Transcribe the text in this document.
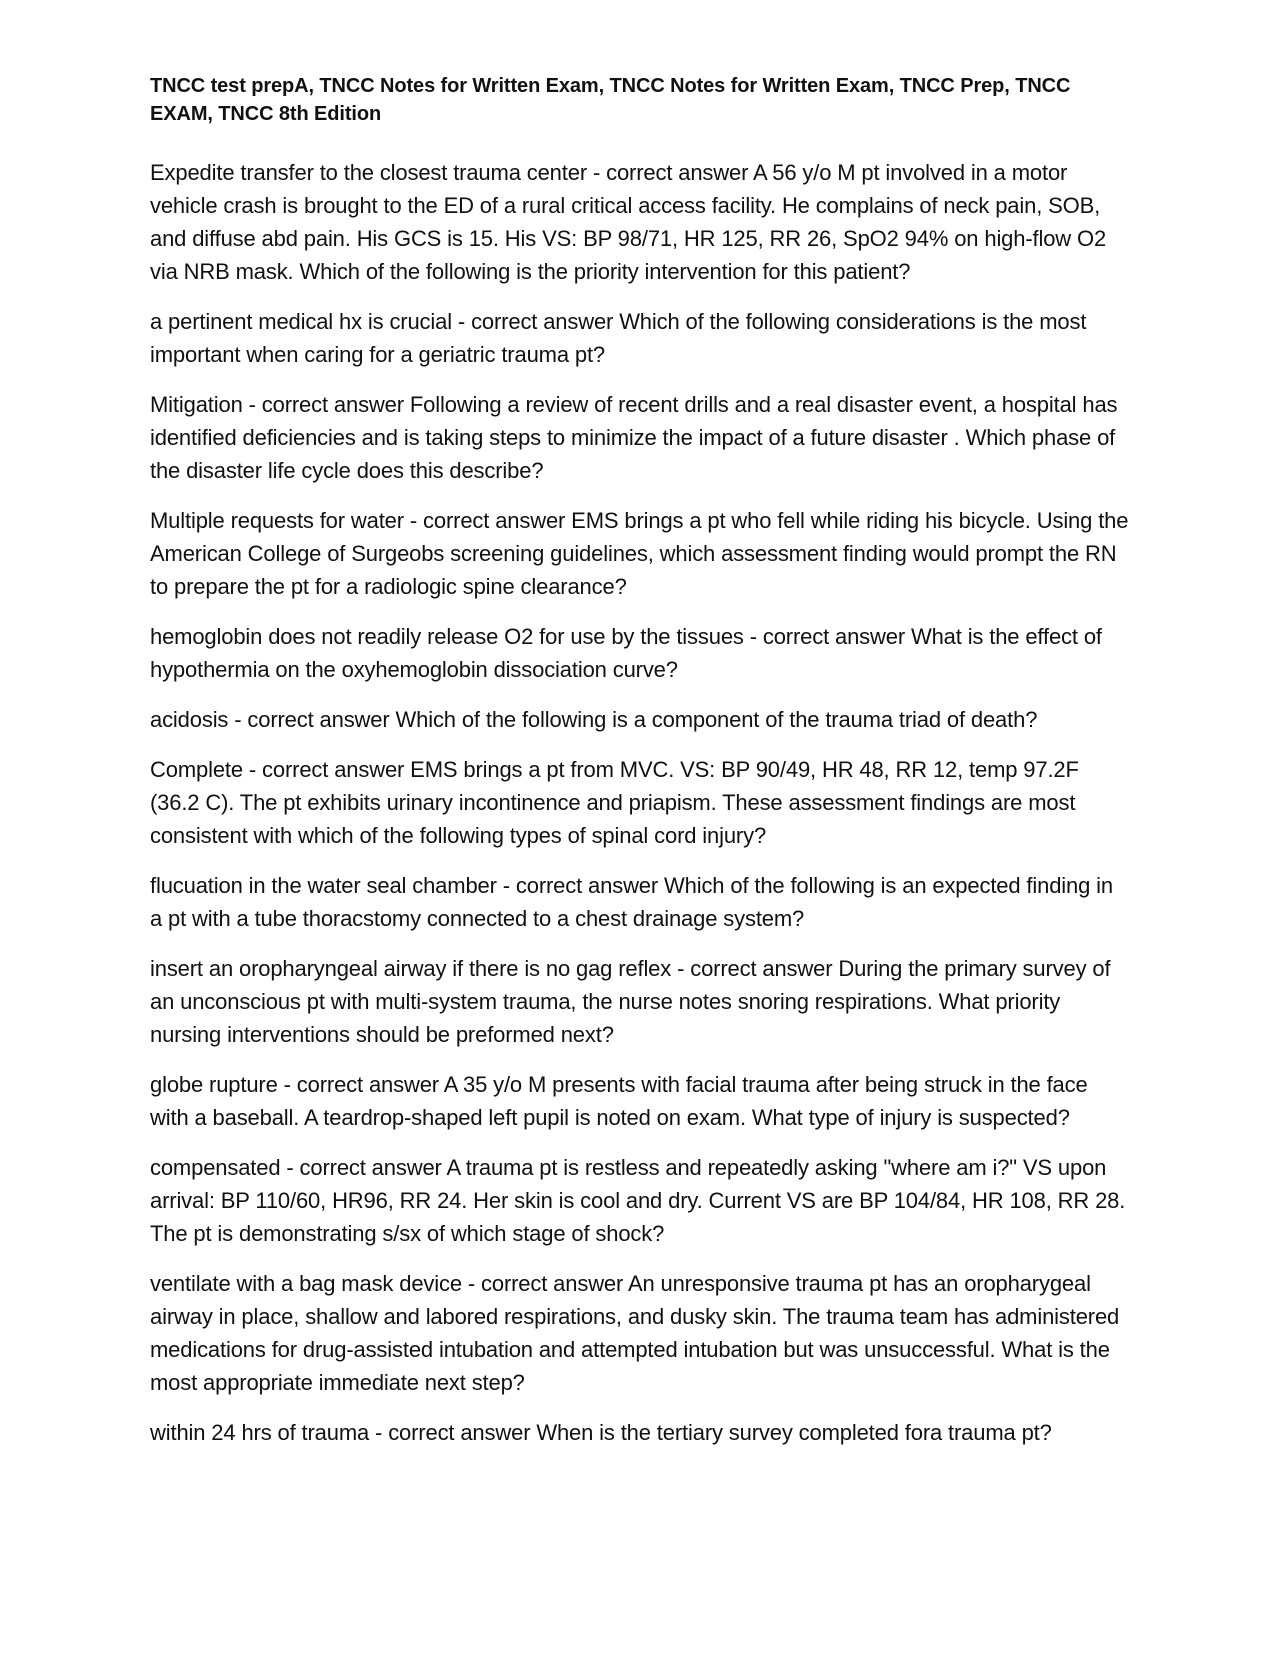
TNCC test prepA, TNCC Notes for Written Exam, TNCC Notes for Written Exam, TNCC Prep, TNCC EXAM, TNCC 8th Edition

Expedite transfer to the closest trauma center - correct answer A 56 y/o M pt involved in a motor vehicle crash is brought to the ED of a rural critical access facility. He complains of neck pain, SOB, and diffuse abd pain. His GCS is 15. His VS: BP 98/71, HR 125, RR 26, SpO2 94% on high-flow O2 via NRB mask. Which of the following is the priority intervention for this patient?

a pertinent medical hx is crucial - correct answer Which of the following considerations is the most important when caring for a geriatric trauma pt?

Mitigation - correct answer Following a review of recent drills and a real disaster event, a hospital has identified deficiencies and is taking steps to minimize the impact of a future disaster . Which phase of the disaster life cycle does this describe?

Multiple requests for water - correct answer EMS brings a pt who fell while riding his bicycle. Using the American College of Surgeobs screening guidelines, which assessment finding would prompt the RN to prepare the pt for a radiologic spine clearance?

hemoglobin does not readily release O2 for use by the tissues - correct answer What is the effect of hypothermia on the oxyhemoglobin dissociation curve?

acidosis - correct answer Which of the following is a component of the trauma triad of death?

Complete - correct answer EMS brings a pt from MVC. VS: BP 90/49, HR 48, RR 12, temp 97.2F (36.2 C). The pt exhibits urinary incontinence and priapism. These assessment findings are most consistent with which of the following types of spinal cord injury?

flucuation in the water seal chamber - correct answer Which of the following is an expected finding in a pt with a tube thoracstomy connected to a chest drainage system?

insert an oropharyngeal airway if there is no gag reflex - correct answer During the primary survey of an unconscious pt with multi-system trauma, the nurse notes snoring respirations. What priority nursing interventions should be preformed next?

globe rupture - correct answer A 35 y/o M presents with facial trauma after being struck in the face with a baseball. A teardrop-shaped left pupil is noted on exam. What type of injury is suspected?

compensated - correct answer A trauma pt is restless and repeatedly asking "where am i?" VS upon arrival: BP 110/60, HR96, RR 24. Her skin is cool and dry. Current VS are BP 104/84, HR 108, RR 28. The pt is demonstrating s/sx of which stage of shock?

ventilate with a bag mask device - correct answer An unresponsive trauma pt has an oropharygeal airway in place, shallow and labored respirations, and dusky skin. The trauma team has administered medications for drug-assisted intubation and attempted intubation but was unsuccessful. What is the most appropriate immediate next step?

within 24 hrs of trauma - correct answer When is the tertiary survey completed fora trauma pt?
